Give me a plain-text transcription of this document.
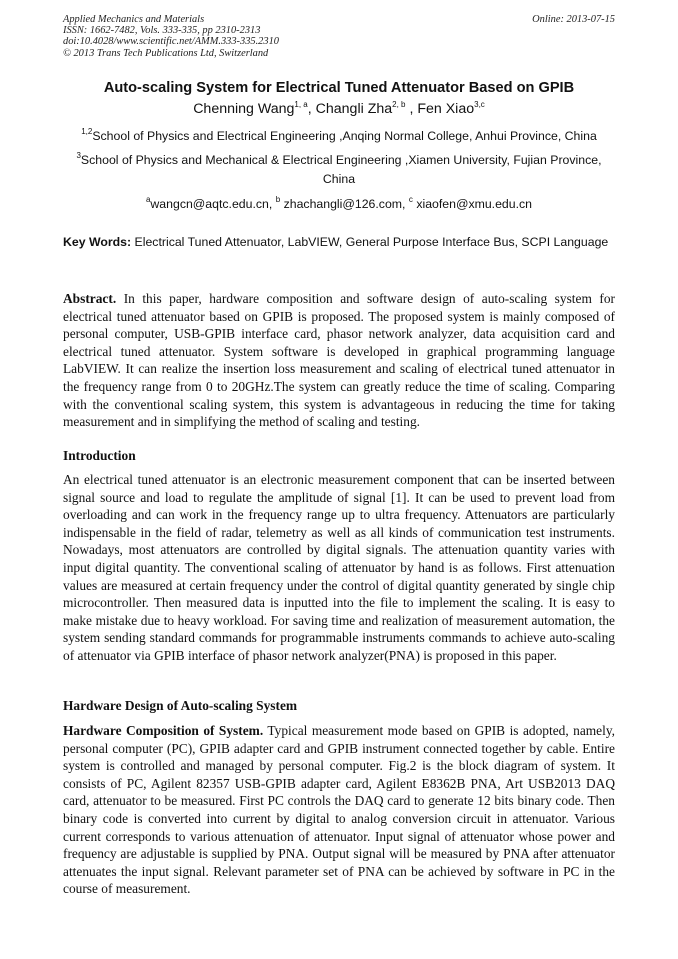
Applied Mechanics and Materials
ISSN: 1662-7482, Vols. 333-335, pp 2310-2313
doi:10.4028/www.scientific.net/AMM.333-335.2310
© 2013 Trans Tech Publications Ltd, Switzerland
Online: 2013-07-15
Auto-scaling System for Electrical Tuned Attenuator Based on GPIB
Chenning Wang$^{1, a}$, Changli Zha$^{2, b}$ , Fen Xiao$^{3,c}$
$^{1,2}$School of Physics and Electrical Engineering ,Anqing Normal College, Anhui Province, China
$^3$School of Physics and Mechanical & Electrical Engineering ,Xiamen University, Fujian Province, China
$^a$wangcn@aqtc.edu.cn, $^b$ zhachangli@126.com, $^c$ xiaofen@xmu.edu.cn
Key Words: Electrical Tuned Attenuator, LabVIEW, General Purpose Interface Bus, SCPI Language
Abstract. In this paper, hardware composition and software design of auto-scaling system for electrical tuned attenuator based on GPIB is proposed. The proposed system is mainly composed of personal computer, USB-GPIB interface card, phasor network analyzer, data acquisition card and electrical tuned attenuator. System software is developed in graphical programming language LabVIEW. It can realize the insertion loss measurement and scaling of electrical tuned attenuator in the frequency range from 0 to 20GHz.The system can greatly reduce the time of scaling. Comparing with the conventional scaling system, this system is advantageous in reducing the time for taking measurement and in simplifying the method of scaling and testing.
Introduction
An electrical tuned attenuator is an electronic measurement component that can be inserted between signal source and load to regulate the amplitude of signal [1]. It can be used to prevent load from overloading and can work in the frequency range up to ultra frequency. Attenuators are particularly indispensable in the field of radar, telemetry as well as all kinds of communication test instruments. Nowadays, most attenuators are controlled by digital signals. The attenuation quantity varies with input digital quantity. The conventional scaling of attenuator by hand is as follows. First attenuation values are measured at certain frequency under the control of digital quantity generated by single chip microcontroller. Then measured data is inputted into the file to implement the scaling. It is easy to make mistake due to heavy workload. For saving time and realization of measurement automation, the system sending standard commands for programmable instruments commands to achieve auto-scaling of attenuator via GPIB interface of phasor network analyzer(PNA) is proposed in this paper.
Hardware Design of Auto-scaling System
Hardware Composition of System. Typical measurement mode based on GPIB is adopted, namely, personal computer (PC), GPIB adapter card and GPIB instrument connected together by cable. Entire system is controlled and managed by personal computer. Fig.2 is the block diagram of system. It consists of PC, Agilent 82357 USB-GPIB adapter card, Agilent E8362B PNA, Art USB2013 DAQ card, attenuator to be measured. First PC controls the DAQ card to generate 12 bits binary code. Then binary code is converted into current by digital to analog conversion circuit in attenuator. Various current corresponds to various attenuation of attenuator. Input signal of attenuator whose power and frequency are adjustable is supplied by PNA. Output signal will be measured by PNA after attenuator attenuates the input signal. Relevant parameter set of PNA can be achieved by software in PC in the course of measurement.
